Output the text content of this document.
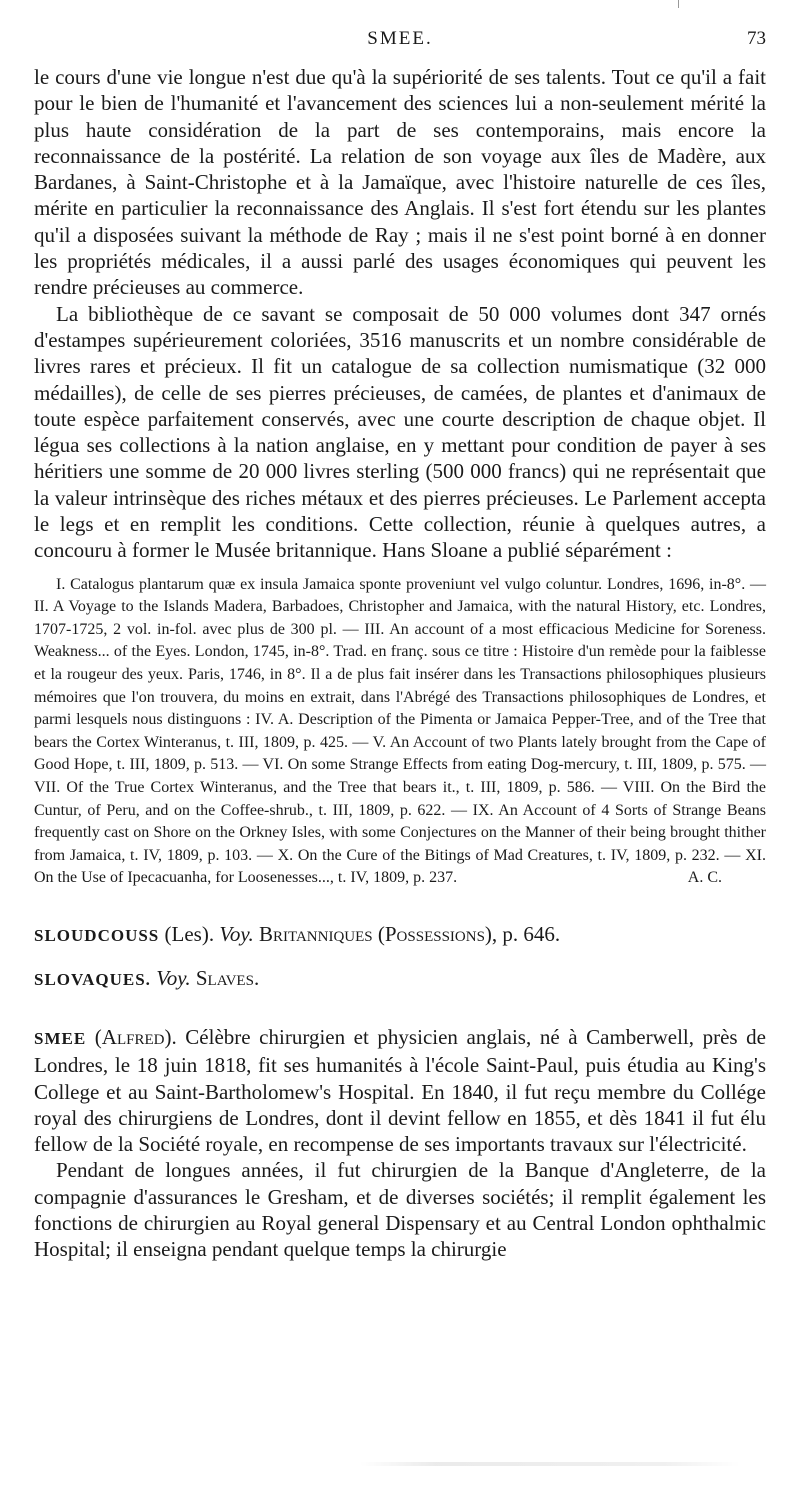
SMEE.	73

le cours d'une vie longue n'est due qu'à la supériorité de ses talents. Tout ce qu'il a fait pour le bien de l'humanité et l'avancement des sciences lui a non-seulement mérité la plus haute considération de la part de ses contemporains, mais encore la reconnaissance de la postérité. La relation de son voyage aux îles de Madère, aux Bardanes, à Saint-Christophe et à la Jamaïque, avec l'histoire naturelle de ces îles, mérite en particulier la reconnaissance des Anglais. Il s'est fort étendu sur les plantes qu'il a disposées suivant la méthode de Ray ; mais il ne s'est point borné à en donner les propriétés médicales, il a aussi parlé des usages économiques qui peuvent les rendre précieuses au commerce.

La bibliothèque de ce savant se composait de 50 000 volumes dont 347 ornés d'estampes supérieurement coloriées, 3516 manuscrits et un nombre considérable de livres rares et précieux. Il fit un catalogue de sa collection numismatique (32 000 médailles), de celle de ses pierres précieuses, de camées, de plantes et d'animaux de toute espèce parfaitement conservés, avec une courte description de chaque objet. Il légua ses collections à la nation anglaise, en y mettant pour condition de payer à ses héritiers une somme de 20 000 livres sterling (500 000 francs) qui ne représentait que la valeur intrinsèque des riches métaux et des pierres précieuses. Le Parlement accepta le legs et en remplit les conditions. Cette collection, réunie à quelques autres, a concouru à former le Musée britannique. Hans Sloane a publié séparément :

I. Catalogus plantarum quæ ex insula Jamaica sponte proveniunt vel vulgo coluntur. Londres, 1696, in-8°. — II. A Voyage to the Islands Madera, Barbadoes, Christopher and Jamaica, with the natural History, etc. Londres, 1707-1725, 2 vol. in-fol. avec plus de 300 pl. — III. An account of a most efficacious Medicine for Soreness. Weakness... of the Eyes. London, 1745, in-8°. Trad. en franç. sous ce titre : Histoire d'un remède pour la faiblesse et la rougeur des yeux. Paris, 1746, in 8°. Il a de plus fait insérer dans les Transactions philosophiques plusieurs mémoires que l'on trouvera, du moins en extrait, dans l'Abrégé des Transactions philosophiques de Londres, et parmi lesquels nous distinguons : IV. A. Description of the Pimenta or Jamaica Pepper-Tree, and of the Tree that bears the Cortex Winteranus, t. III, 1809, p. 425. — V. An Account of two Plants lately brought from the Cape of Good Hope, t. III, 1809, p. 513. — VI. On some Strange Effects from eating Dog-mercury, t. III, 1809, p. 575. — VII. Of the True Cortex Winteranus, and the Tree that bears it., t. III, 1809, p. 586. — VIII. On the Bird the Cuntur, of Peru, and on the Coffee-shrub., t. III, 1809, p. 622. — IX. An Account of 4 Sorts of Strange Beans frequently cast on Shore on the Orkney Isles, with some Conjectures on the Manner of their being brought thither from Jamaica, t. IV, 1809, p. 103. — X. On the Cure of the Bitings of Mad Creatures, t. IV, 1809, p. 232. — XI. On the Use of Ipecacuanha, for Loosenesses..., t. IV, 1809, p. 237.	A. C.

SLOUDCOUSS (Les). Voy. Britanniques (Possessions), p. 646.

SLOVAQUES. Voy. Slaves.

SMEE (Alfred). Célèbre chirurgien et physicien anglais, né à Camberwell, près de Londres, le 18 juin 1818, fit ses humanités à l'école Saint-Paul, puis étudia au King's College et au Saint-Bartholomew's Hospital. En 1840, il fut reçu membre du Collége royal des chirurgiens de Londres, dont il devint fellow en 1855, et dès 1841 il fut élu fellow de la Société royale, en recompense de ses importants travaux sur l'électricité.

Pendant de longues années, il fut chirurgien de la Banque d'Angleterre, de la compagnie d'assurances le Gresham, et de diverses sociétés; il remplit également les fonctions de chirurgien au Royal general Dispensary et au Central London ophthalmic Hospital; il enseigna pendant quelque temps la chirurgie
